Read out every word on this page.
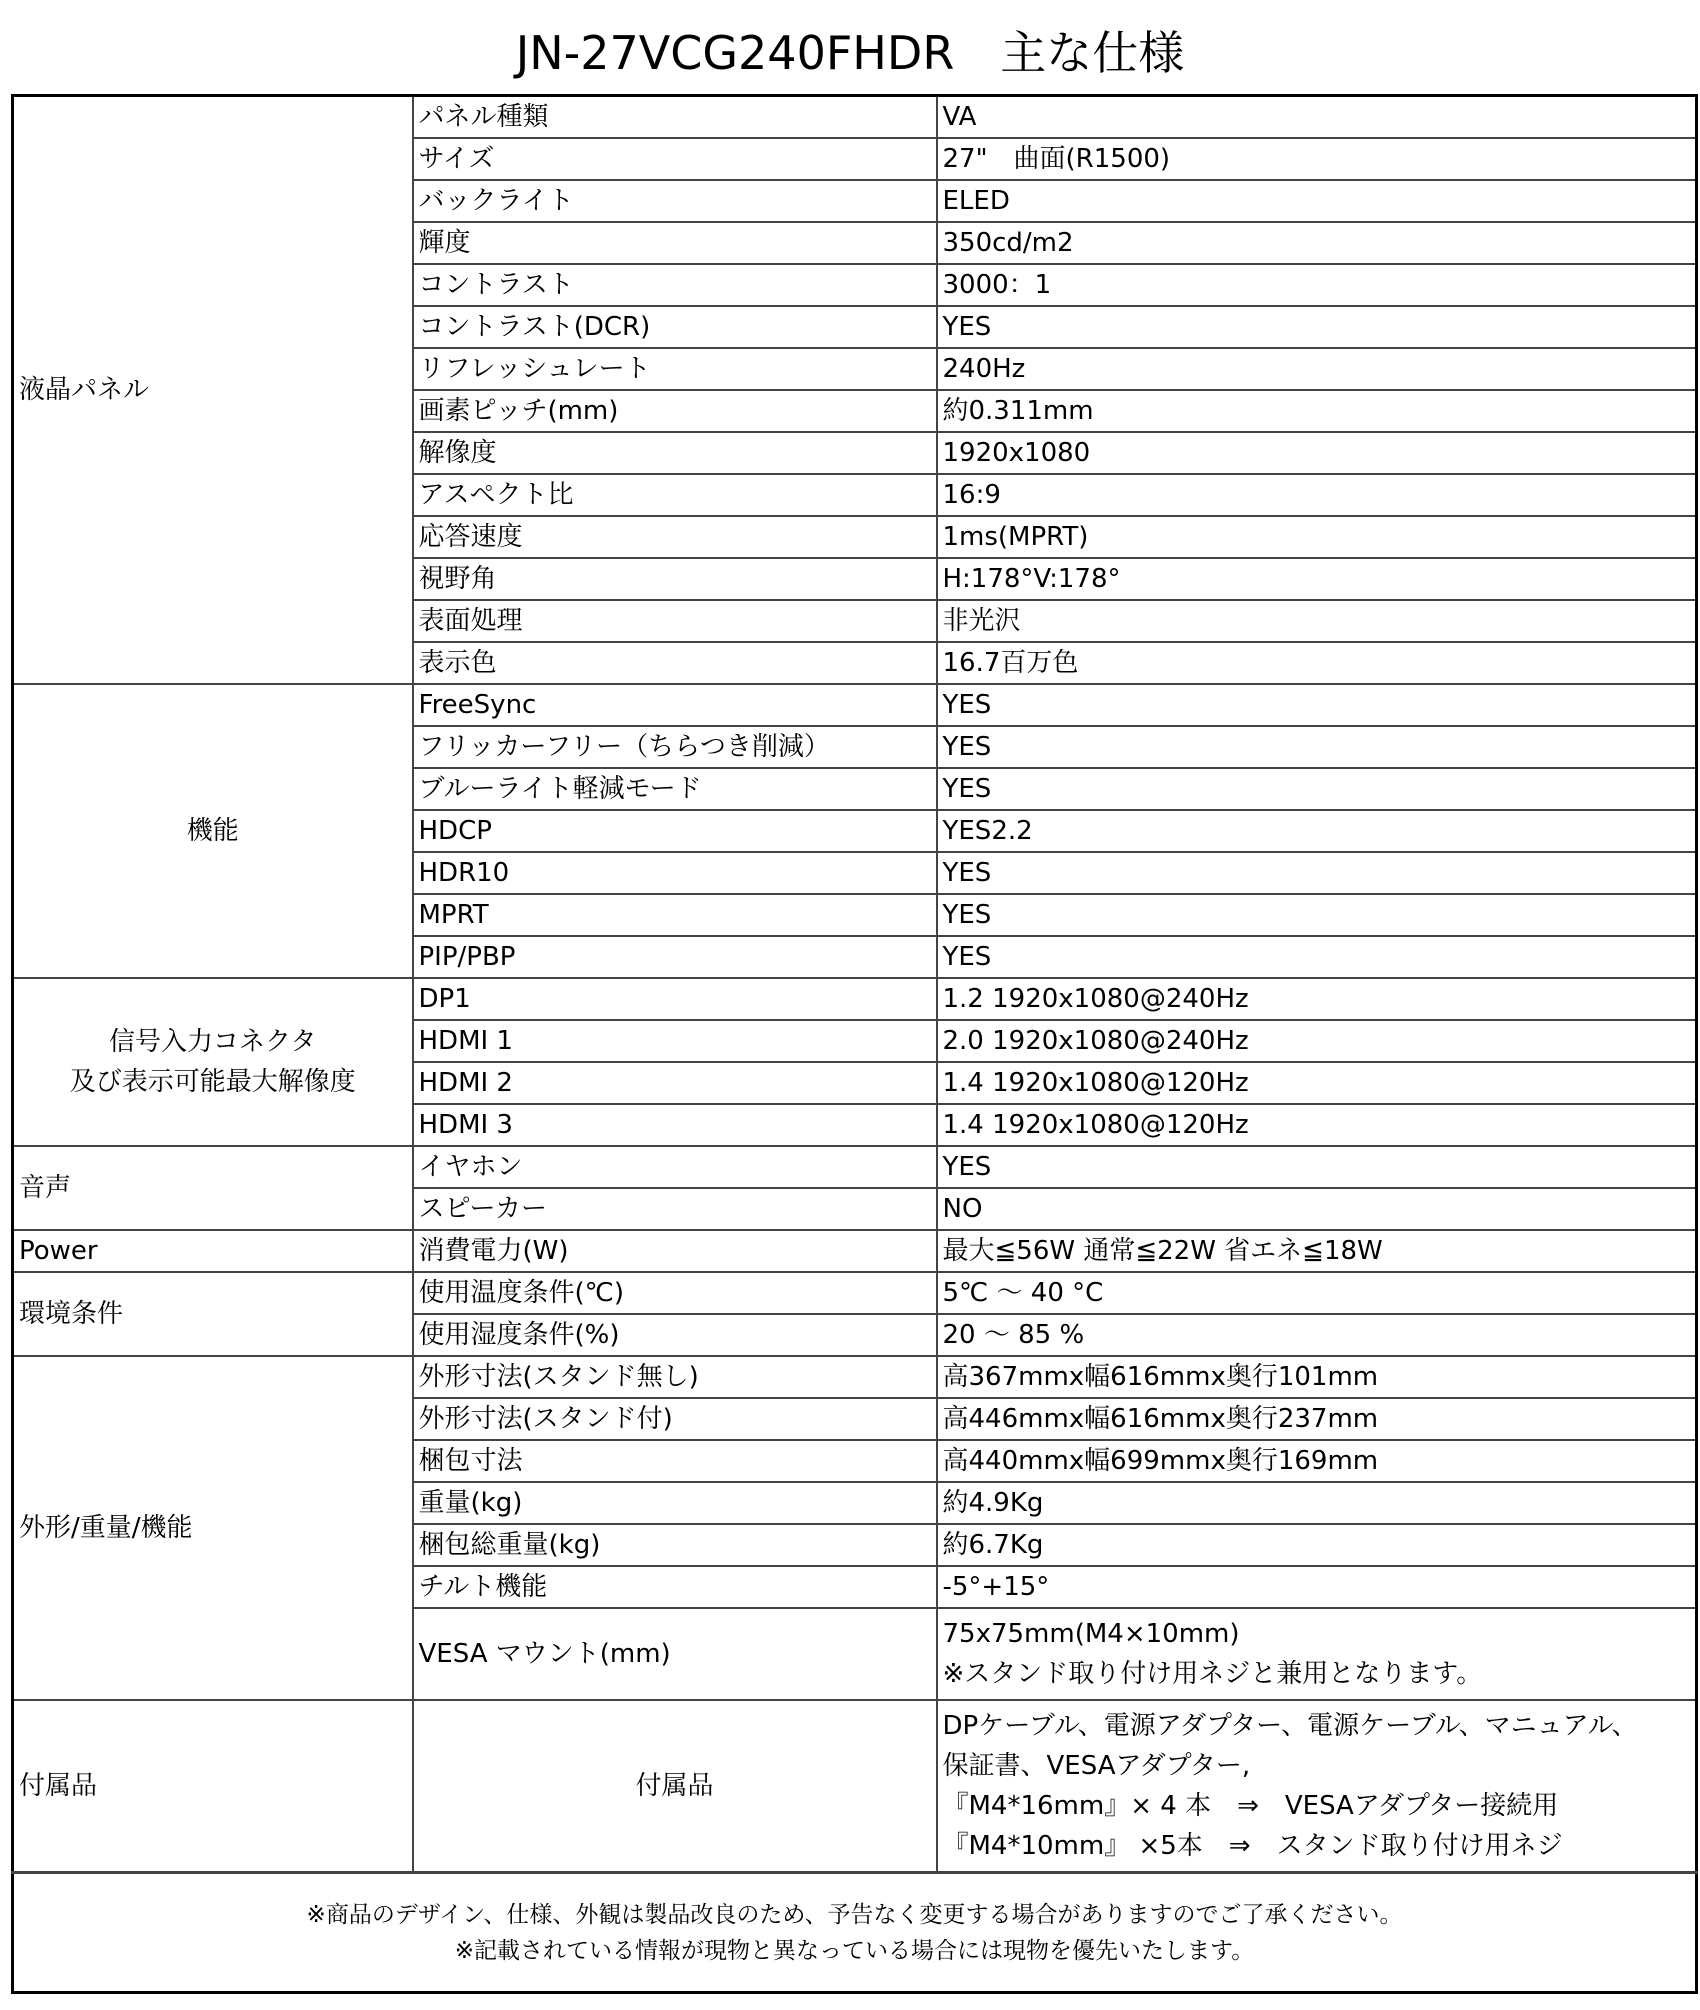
JN-27VCG240FHDR　主な仕様
液晶パネル	パネル種類	VA
	サイズ	27"　曲面(R1500)
	バックライト	ELED
	輝度	350cd/m2
	コントラスト	3000：1
	コントラスト(DCR)	YES
	リフレッシュレート	240Hz
	画素ピッチ(mm)	約0.311mm
	解像度	1920x1080
	アスペクト比	16:9
	応答速度	1ms(MPRT)
	視野角	H:178°V:178°
	表面処理	非光沢
	表示色	16.7百万色
機能	FreeSync	YES
	フリッカーフリー（ちらつき削減）	YES
	ブルーライト軽減モード	YES
	HDCP	YES2.2
	HDR10	YES
	MPRT	YES
	PIP/PBP	YES

信号入力コネクタ
及び表示可能最大解像度	DP1	1.2 1920x1080@240Hz
	HDMI 1	2.0 1920x1080@240Hz
	HDMI 2	1.4 1920x1080@120Hz
	HDMI 3	1.4 1920x1080@120Hz
音声	イヤホン	YES
	スピーカー	NO
Power	消費電力(W)	最大≦56W 通常≦22W 省エネ≦18W
環境条件	使用温度条件(℃)	5℃ ～ 40 °C
	使用湿度条件(%)	20 ～ 85 %
外形/重量/機能	外形寸法(スタンド無し)	高367mmx幅616mmx奥行101mm
	外形寸法(スタンド付)	高446mmx幅616mmx奥行237mm
	梱包寸法	高440mmx幅699mmx奥行169mm
	重量(kg)	約4.9Kg
	梱包総重量(kg)	約6.7Kg
	チルト機能	-5°+15°
	VESA マウント(mm)	75x75mm(M4×10mm)
※スタンド取り付け用ネジと兼用となります。

付属品	付属品	DPケーブル、電源アダプター、電源ケーブル、マニュアル、
保証書、VESAアダプター,
『M4*16mm』× 4 本　⇒　VESAアダプター接続用
『M4*10mm』 ×5本　⇒　スタンド取り付け用ネジ

※商品のデザイン、仕様、外観は製品改良のため、予告なく変更する場合がありますのでご了承ください。
※記載されている情報が現物と異なっている場合には現物を優先いたします。		
